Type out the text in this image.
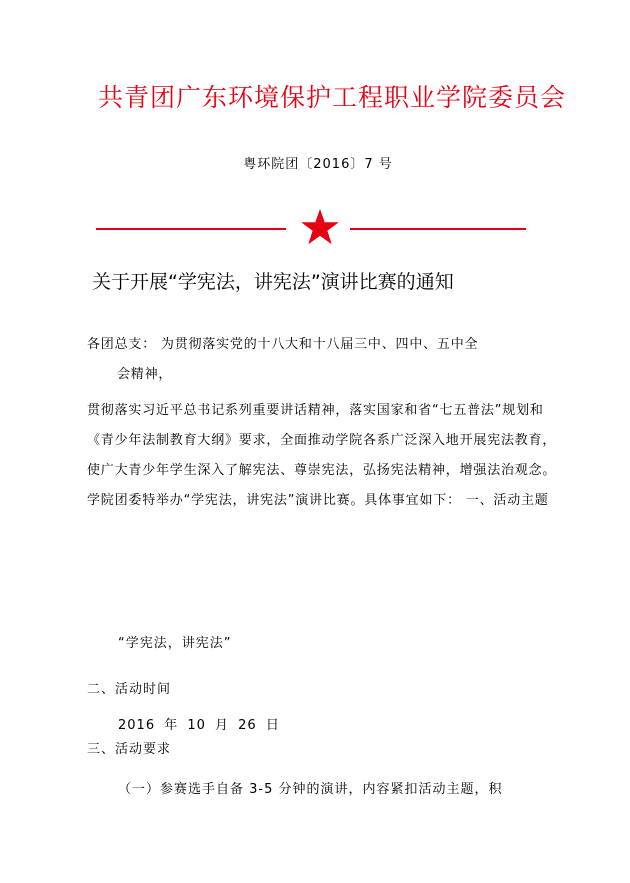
共青团广东环境保护工程职业学院委员会
粤环院团〔2016〕7 号
关于开展“学宪法，讲宪法”演讲比赛的通知
各团总支： 为贯彻落实党的十八大和十八届三中、四中、五中全
会精神，
贯彻落实习近平总书记系列重要讲话精神，落实国家和省“七五普法”规划和《青少年法制教育大纲》要求，全面推动学院各系广泛深入地开展宪法教育，使广大青少年学生深入了解宪法、尊崇宪法，弘扬宪法精神，增强法治观念。学院团委特举办“学宪法，讲宪法”演讲比赛。具体事宜如下： 一、活动主题
“学宪法，讲宪法”
二、活动时间
2016 年 10 月 26 日
三、活动要求
（一）参赛选手自备 3-5 分钟的演讲，内容紧扣活动主题，积
